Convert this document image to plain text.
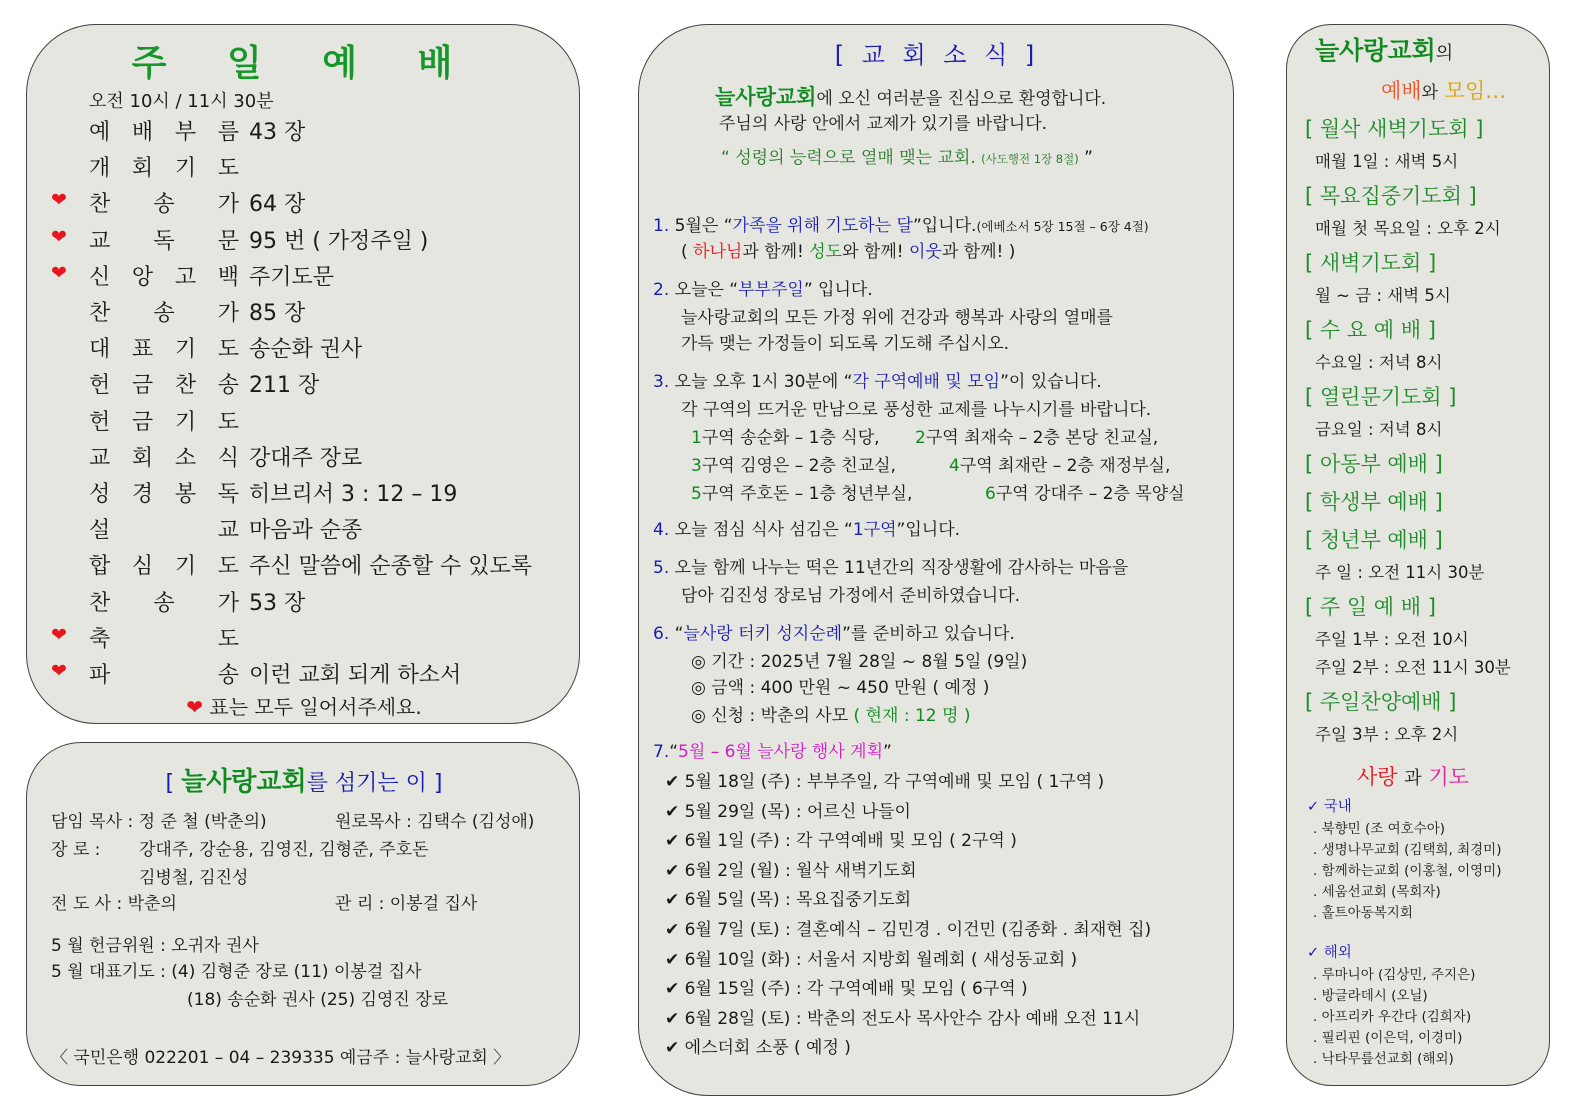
주 일 예 배
오전 10시 / 11시 30분
예 배 부 름 43 장
개 회 기 도
❤ 찬 송 가 64 장
❤ 교 독 문 95 번 ( 가정주일 )
❤ 신 앙 고 백 주기도문
찬 송 가 85 장
대 표 기 도 송순화 권사
헌 금 찬 송 211 장
헌 금 기 도
교 회 소 식 강대주 장로
성 경 봉 독 히브리서 3 : 12 – 19
설	교 마음과 순종
합 심 기 도 주신 말씀에 순종할 수 있도록
찬 송 가 53 장
❤ 축	도
❤ 파	송 이런 교회 되게 하소서
❤ 표는 모두 일어서주세요.
[ 늘사랑교회를 섬기는 이 ]
담임 목사 : 정 준 철 (박춘의)	원로목사 : 김택수 (김성애)
장 로 : 강대주, 강순용, 김영진, 김형준, 주호돈
김병철, 김진성
전 도 사 : 박춘의	관 리 : 이봉걸 집사
5 월 헌금위원 : 오귀자 권사
5 월 대표기도 : (4) 김형준 장로 (11) 이봉걸 집사
(18) 송순화 권사 (25) 김영진 장로
〈 국민은행 022201 – 04 – 239335 예금주 : 늘사랑교회 〉
[ 교 회 소 식 ]
늘사랑교회에 오신 여러분을 진심으로 환영합니다.
주님의 사랑 안에서 교제가 있기를 바랍니다.
“ 성령의 능력으로 열매 맺는 교회. (사도행전 1장 8절) ”
1. 5월은 “가족을 위해 기도하는 달”입니다.(에베소서 5장 15절 – 6장 4절)
( 하나님과 함께! 성도와 함께! 이웃과 함께! )
2. 오늘은 “부부주일” 입니다.
늘사랑교회의 모든 가정 위에 건강과 행복과 사랑의 열매를
가득 맺는 가정들이 되도록 기도해 주십시오.
3. 오늘 오후 1시 30분에 “각 구역예배 및 모임”이 있습니다.
각 구역의 뜨거운 만남으로 풍성한 교제를 나누시기를 바랍니다.
1구역 송순화 – 1층 식당, 2구역 최재숙 – 2층 본당 친교실,
3구역 김영은 – 2층 친교실,	4구역 최재란 – 2층 재정부실,
5구역 주호돈 – 1층 청년부실,	6구역 강대주 – 2층 목양실
4. 오늘 점심 식사 섬김은 “1구역”입니다.
5. 오늘 함께 나누는 떡은 11년간의 직장생활에 감사하는 마음을
담아 김진성 장로님 가정에서 준비하였습니다.
6. “늘사랑 터키 성지순례”를 준비하고 있습니다.
◎ 기간 : 2025년 7월 28일 ~ 8월 5일 (9일)
◎ 금액 : 400 만원 ~ 450 만원 ( 예정 )
◎ 신청 : 박춘의 사모 ( 현재 : 12 명 )
7.“5월 – 6월 늘사랑 행사 계획”
✔ 5월 18일 (주) : 부부주일, 각 구역예배 및 모임 ( 1구역 )
✔ 5월 29일 (목) : 어르신 나들이
✔ 6월 1일 (주) : 각 구역예배 및 모임 ( 2구역 )
✔ 6월 2일 (월) : 월삭 새벽기도회
✔ 6월 5일 (목) : 목요집중기도회
✔ 6월 7일 (토) : 결혼예식 – 김민경 . 이건민 (김종화 . 최재현 집)
✔ 6월 10일 (화) : 서울서 지방회 월례회 ( 새성동교회 )
✔ 6월 15일 (주) : 각 구역예배 및 모임 ( 6구역 )
✔ 6월 28일 (토) : 박춘의 전도사 목사안수 감사 예배 오전 11시
✔ 에스더회 소풍 ( 예정 )
늘사랑교회의
예배와 모임…
[ 월삭 새벽기도회 ]
매월 1일 : 새벽 5시
[ 목요집중기도회 ]
매월 첫 목요일 : 오후 2시
[ 새벽기도회 ]
월 ~ 금 : 새벽 5시
[ 수 요 예 배 ]
수요일 : 저녁 8시
[ 열린문기도회 ]
금요일 : 저녁 8시
[ 아동부 예배 ]
[ 학생부 예배 ]
[ 청년부 예배 ]
주 일 : 오전 11시 30분
[ 주 일 예 배 ]
주일 1부 : 오전 10시
주일 2부 : 오전 11시 30분
[ 주일찬양예배 ]
주일 3부 : 오후 2시
사랑 과 기도
✓ 국내
. 북향민 (조 여호수아)
. 생명나무교회 (김택희, 최경미)
. 함께하는교회 (이홍철, 이영미)
. 세움선교회 (목회자)
. 홀트아동복지회
✓ 해외
. 루마니아 (김상민, 주지은)
. 방글라데시 (오닐)
. 아프리카 우간다 (김희자)
. 필리핀 (이은덕, 이경미)
. 낙타무릎선교회 (해외)
